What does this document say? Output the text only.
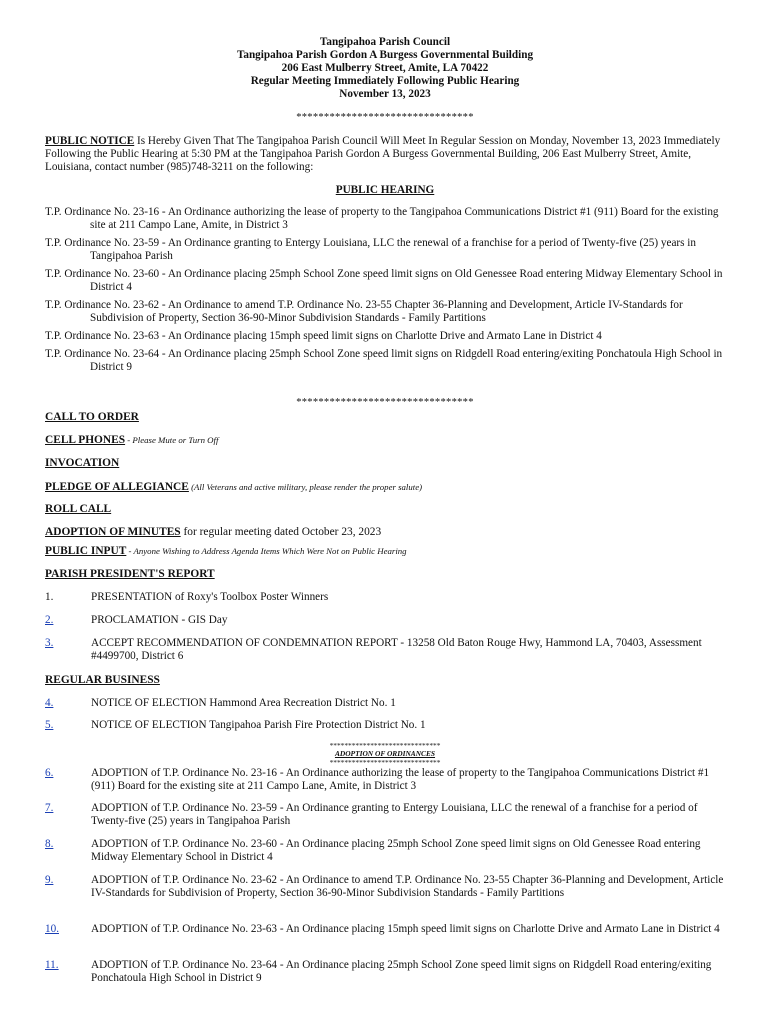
Tangipahoa Parish Council
Tangipahoa Parish Gordon A Burgess Governmental Building
206 East Mulberry Street, Amite, LA 70422
Regular Meeting Immediately Following Public Hearing
November 13, 2023
********************************
PUBLIC NOTICE Is Hereby Given That The Tangipahoa Parish Council Will Meet In Regular Session on Monday, November 13, 2023 Immediately Following the Public Hearing at 5:30 PM at the Tangipahoa Parish Gordon A Burgess Governmental Building, 206 East Mulberry Street, Amite, Louisiana, contact number (985)748-3211 on the following:
PUBLIC HEARING
T.P. Ordinance No. 23-16 - An Ordinance authorizing the lease of property to the Tangipahoa Communications District #1 (911) Board for the existing site at 211 Campo Lane, Amite, in District 3
T.P. Ordinance No. 23-59 - An Ordinance granting to Entergy Louisiana, LLC the renewal of a franchise for a period of Twenty-five (25) years in Tangipahoa Parish
T.P. Ordinance No. 23-60 - An Ordinance placing 25mph School Zone speed limit signs on Old Genessee Road entering Midway Elementary School in District 4
T.P. Ordinance No. 23-62 - An Ordinance to amend T.P. Ordinance No. 23-55 Chapter 36-Planning and Development, Article IV-Standards for Subdivision of Property, Section 36-90-Minor Subdivision Standards - Family Partitions
T.P. Ordinance No. 23-63 - An Ordinance placing 15mph speed limit signs on Charlotte Drive and Armato Lane in District 4
T.P. Ordinance No. 23-64 - An Ordinance placing 25mph School Zone speed limit signs on Ridgdell Road entering/exiting Ponchatoula High School in District 9
********************************
CALL TO ORDER
CELL PHONES - Please Mute or Turn Off
INVOCATION
PLEDGE OF ALLEGIANCE (All Veterans and active military, please render the proper salute)
ROLL CALL
ADOPTION OF MINUTES for regular meeting dated October 23, 2023
PUBLIC INPUT - Anyone Wishing to Address Agenda Items Which Were Not on Public Hearing
PARISH PRESIDENT'S REPORT
1.	PRESENTATION of Roxy's Toolbox Poster Winners
2.	PROCLAMATION - GIS Day
3.	ACCEPT RECOMMENDATION OF CONDEMNATION REPORT - 13258 Old Baton Rouge Hwy, Hammond LA, 70403, Assessment #4499700, District 6
REGULAR BUSINESS
4.	NOTICE OF ELECTION Hammond Area Recreation District No. 1
5.	NOTICE OF ELECTION Tangipahoa Parish Fire Protection District No. 1
******************************
ADOPTION OF ORDINANCES
******************************
6.	ADOPTION of T.P. Ordinance No. 23-16 - An Ordinance authorizing the lease of property to the Tangipahoa Communications District #1 (911) Board for the existing site at 211 Campo Lane, Amite, in District 3
7.	ADOPTION of T.P. Ordinance No. 23-59 - An Ordinance granting to Entergy Louisiana, LLC the renewal of a franchise for a period of Twenty-five (25) years in Tangipahoa Parish
8.	ADOPTION of T.P. Ordinance No. 23-60 - An Ordinance placing 25mph School Zone speed limit signs on Old Genessee Road entering Midway Elementary School in District 4
9.	ADOPTION of T.P. Ordinance No. 23-62 - An Ordinance to amend T.P. Ordinance No. 23-55 Chapter 36-Planning and Development, Article IV-Standards for Subdivision of Property, Section 36-90-Minor Subdivision Standards - Family Partitions
10.	ADOPTION of T.P. Ordinance No. 23-63 - An Ordinance placing 15mph speed limit signs on Charlotte Drive and Armato Lane in District 4
11.	ADOPTION of T.P. Ordinance No. 23-64 - An Ordinance placing 25mph School Zone speed limit signs on Ridgdell Road entering/exiting Ponchatoula High School in District 9
